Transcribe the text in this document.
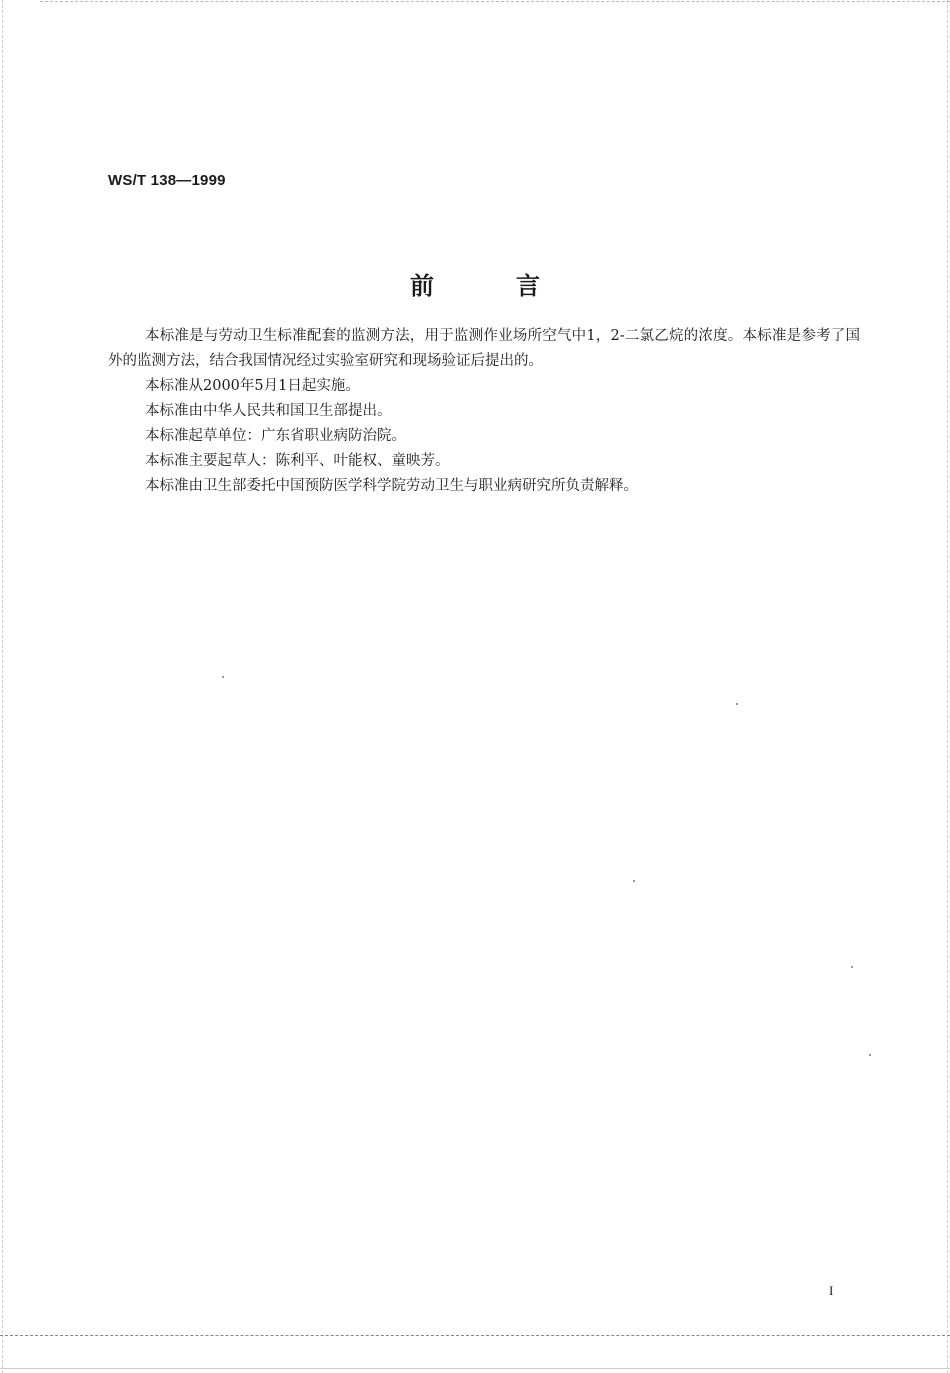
WS/T 138—1999
前言

本标准是与劳动卫生标准配套的监测方法，用于监测作业场所空气中1，2-二氯乙烷的浓度。本标准是参考了国外的监测方法，结合我国情况经过实验室研究和现场验证后提出的。

本标准从2000年5月1日起实施。

本标准由中华人民共和国卫生部提出。

本标准起草单位：广东省职业病防治院。

本标准主要起草人：陈利平、叶能权、童映芳。

本标准由卫生部委托中国预防医学科学院劳动卫生与职业病研究所负责解释。

I
